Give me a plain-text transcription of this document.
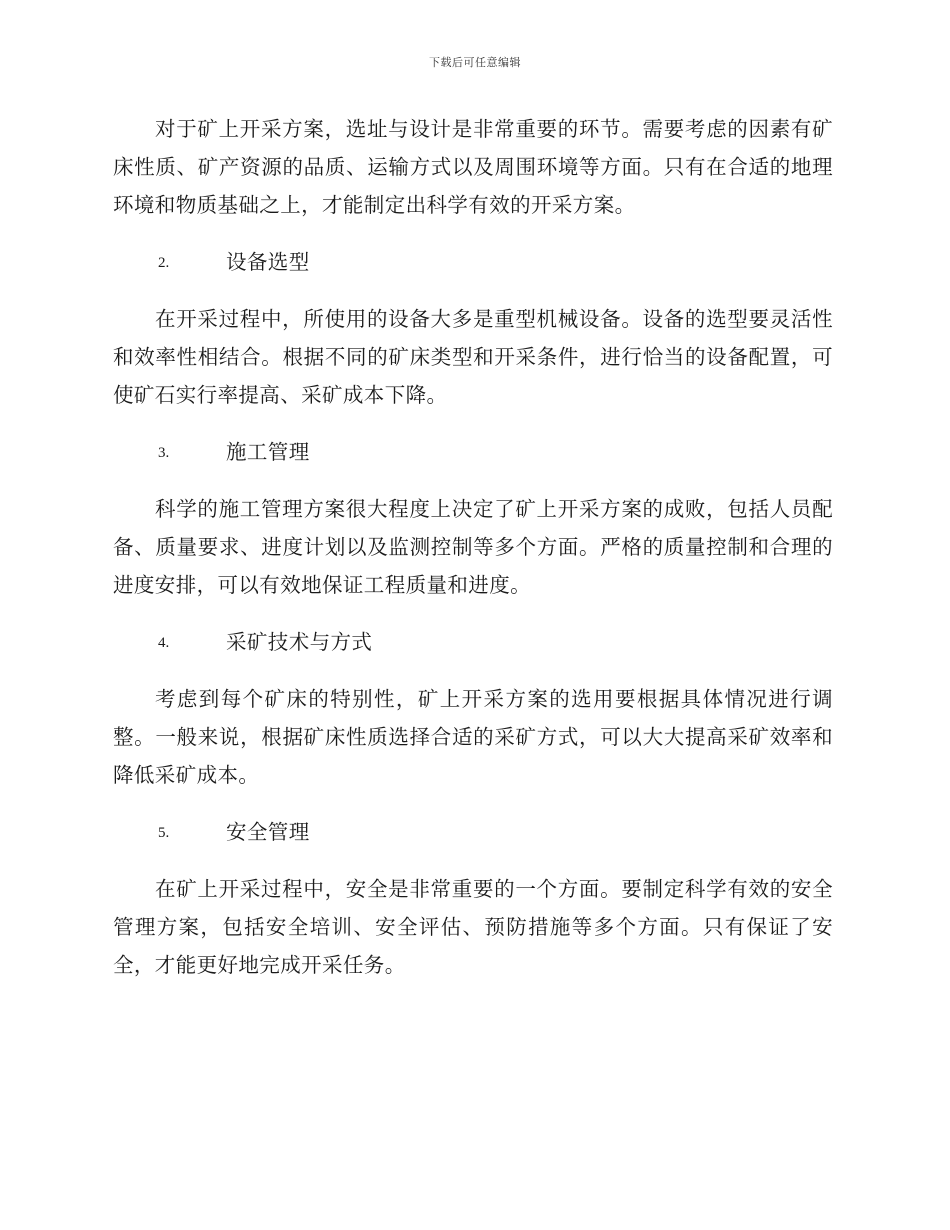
下载后可任意编辑

对于矿上开采方案，选址与设计是非常重要的环节。需要考虑的因素有矿床性质、矿产资源的品质、运输方式以及周围环境等方面。只有在合适的地理环境和物质基础之上，才能制定出科学有效的开采方案。

2.	设备选型

在开采过程中，所使用的设备大多是重型机械设备。设备的选型要灵活性和效率性相结合。根据不同的矿床类型和开采条件，进行恰当的设备配置，可使矿石实行率提高、采矿成本下降。

3.	施工管理

科学的施工管理方案很大程度上决定了矿上开采方案的成败，包括人员配备、质量要求、进度计划以及监测控制等多个方面。严格的质量控制和合理的进度安排，可以有效地保证工程质量和进度。

4.	采矿技术与方式

考虑到每个矿床的特别性，矿上开采方案的选用要根据具体情况进行调整。一般来说，根据矿床性质选择合适的采矿方式，可以大大提高采矿效率和降低采矿成本。

5.	安全管理

在矿上开采过程中，安全是非常重要的一个方面。要制定科学有效的安全管理方案，包括安全培训、安全评估、预防措施等多个方面。只有保证了安全，才能更好地完成开采任务。
